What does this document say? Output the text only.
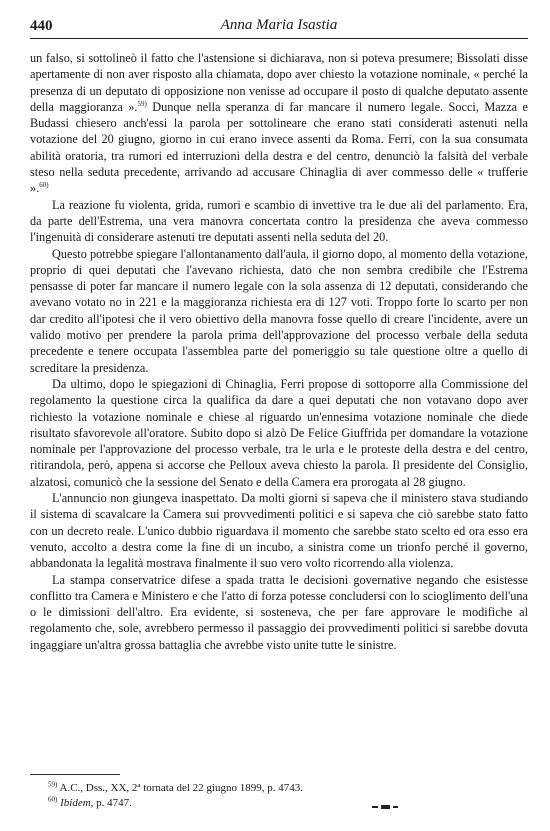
440	Anna Maria Isastia

un falso, si sottolineò il fatto che l'astensione si dichiarava, non si poteva presumere; Bissolati disse apertamente di non aver risposto alla chiamata, dopo aver chiesto la votazione nominale, « perché la presenza di un deputato di opposizione non venisse ad occupare il posto di qualche deputato assente della maggioranza ».$^{59)}$ Dunque nella speranza di far mancare il numero legale. Socci, Mazza e Budassi chiesero anch'essi la parola per sottolineare che erano stati considerati astenuti nella votazione del 20 giugno, giorno in cui erano invece assenti da Roma. Ferri, con la sua consumata abilità oratoria, tra rumori ed interruzioni della destra e del centro, denunciò la falsità del verbale steso nella seduta precedente, arrivando ad accusare Chinaglia di aver commesso delle « trufferie ».$^{60)}$

La reazione fu violenta, grida, rumori e scambio di invettive tra le due ali del parlamento. Era, da parte dell'Estrema, una vera manovra concertata contro la presidenza che aveva commesso l'ingenuità di considerare astenuti tre deputati assenti nella seduta del 20.

Questo potrebbe spiegare l'allontanamento dall'aula, il giorno dopo, al momento della votazione, proprio di quei deputati che l'avevano richiesta, dato che non sembra credibile che l'Estrema pensasse di poter far mancare il numero legale con la sola assenza di 12 deputati, considerando che avevano votato no in 221 e la maggioranza richiesta era di 127 voti. Troppo forte lo scarto per non dar credito all'ipotesi che il vero obiettivo della manovra fosse quello di creare l'incidente, avere un valido motivo per prendere la parola prima dell'approvazione del processo verbale della seduta precedente e tenere occupata l'assemblea parte del pomeriggio su tale questione oltre a quello di screditare la presidenza.

Da ultimo, dopo le spiegazioni di Chinaglia, Ferri propose di sottoporre alla Commissione del regolamento la questione circa la qualifica da dare a quei deputati che non votavano dopo aver richiesto la votazione nominale e chiese al riguardo un'ennesima votazione nominale che diede risultato sfavorevole all'oratore. Subito dopo si alzò De Felice Giuffrida per domandare la votazione nominale per l'approvazione del processo verbale, tra le urla e le proteste della destra e del centro, ritirandola, però, appena si accorse che Pelloux aveva chiesto la parola. Il presidente del Consiglio, alzatosi, comunicò che la sessione del Senato e della Camera era prorogata al 28 giugno.

L'annuncio non giungeva inaspettato. Da molti giorni si sapeva che il ministero stava studiando il sistema di scavalcare la Camera sui provvedimenti politici e si sapeva che ciò sarebbe stato fatto con un decreto reale. L'unico dubbio riguardava il momento che sarebbe stato scelto ed ora esso era venuto, accolto a destra come la fine di un incubo, a sinistra come un trionfo perché il governo, abbandonata la legalità mostrava finalmente il suo vero volto ricorrendo alla violenza.

La stampa conservatrice difese a spada tratta le decisioni governative negando che esistesse conflitto tra Camera e Ministero e che l'atto di forza potesse concludersi con lo scioglimento dell'una o le dimissioni dell'altro. Era evidente, si sosteneva, che per fare approvare le modifiche al regolamento che, sole, avrebbero permesso il passaggio dei provvedimenti politici si sarebbe dovuta ingaggiare un'altra grossa battaglia che avrebbe visto unite tutte le sinistre.

$^{59)}$ A.C., Dss., XX, 2ª tornata del 22 giugno 1899, p. 4743.

$^{60)}$ Ibidem, p. 4747.
